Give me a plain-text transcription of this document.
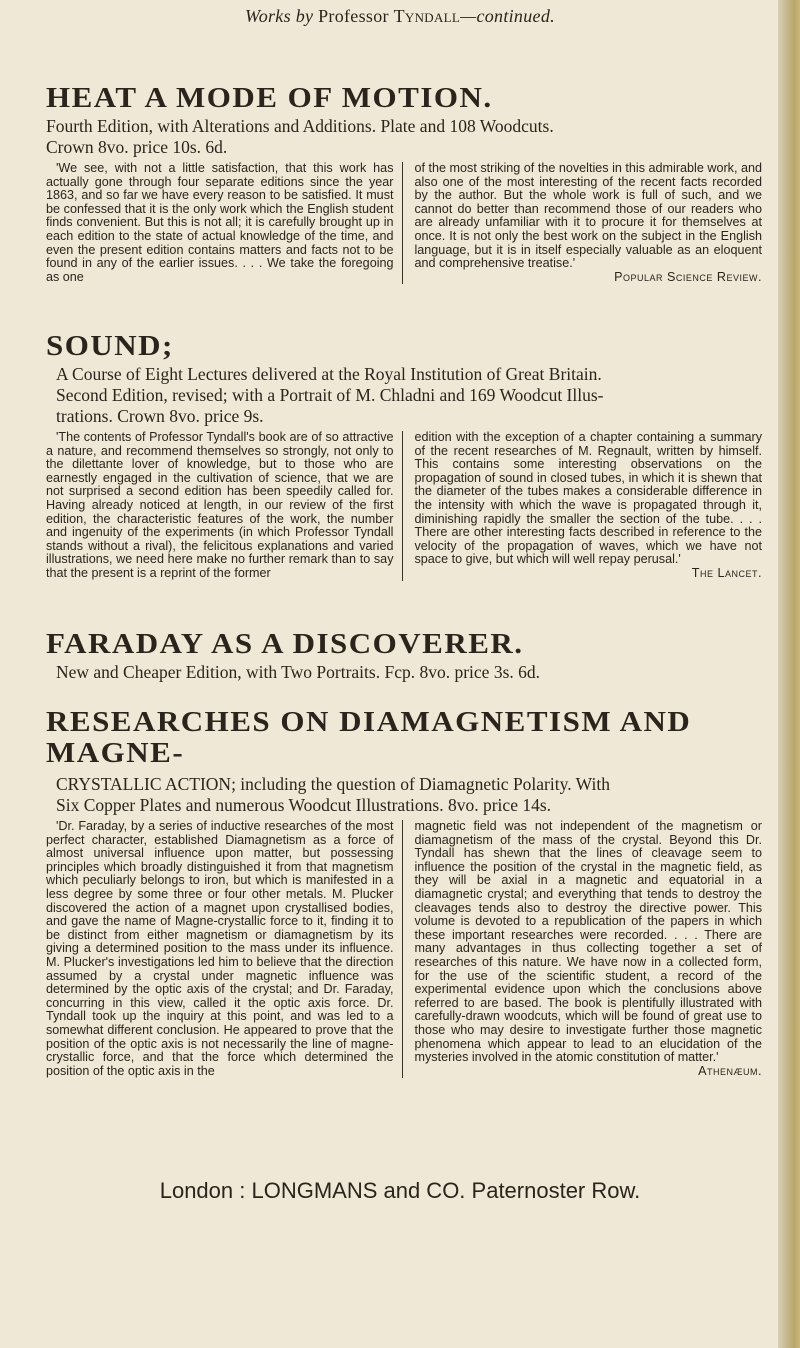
Works by Professor Tyndall—continued.
HEAT A MODE OF MOTION.

Fourth Edition, with Alterations and Additions. Plate and 108 Woodcuts.

Crown 8vo. price 10s. 6d.

'We see, with not a little satisfaction, that this work has actually gone through four separate editions since the year 1863, and so far we have every reason to be satisfied. It must be confessed that it is the only work which the English student finds convenient. But this is not all; it is carefully brought up in each edition to the state of actual knowledge of the time, and even the present edition contains matters and facts not to be found in any of the earlier issues. . . . We take the foregoing as one

of the most striking of the novelties in this admirable work, and also one of the most interesting of the recent facts recorded by the author. But the whole work is full of such, and we cannot do better than recommend those of our readers who are already unfamiliar with it to procure it for themselves at once. It is not only the best work on the subject in the English language, but it is in itself especially valuable as an eloquent and comprehensive treatise.'

Popular Science Review.

SOUND;

A Course of Eight Lectures delivered at the Royal Institution of Great Britain.

Second Edition, revised; with a Portrait of M. Chladni and 169 Woodcut Illus-

trations. Crown 8vo. price 9s.

'The contents of Professor Tyndall's book are of so attractive a nature, and recommend themselves so strongly, not only to the dilettante lover of knowledge, but to those who are earnestly engaged in the cultivation of science, that we are not surprised a second edition has been speedily called for. Having already noticed at length, in our review of the first edition, the characteristic features of the work, the number and ingenuity of the experiments (in which Professor Tyndall stands without a rival), the felicitous explanations and varied illustrations, we need here make no further remark than to say that the present is a reprint of the former

edition with the exception of a chapter containing a summary of the recent researches of M. Regnault, written by himself. This contains some interesting observations on the propagation of sound in closed tubes, in which it is shewn that the diameter of the tubes makes a considerable difference in the intensity with which the wave is propagated through it, diminishing rapidly the smaller the section of the tube. . . . There are other interesting facts described in reference to the velocity of the propagation of waves, which we have not space to give, but which will well repay perusal.'

The Lancet.

FARADAY AS A DISCOVERER.

New and Cheaper Edition, with Two Portraits. Fcp. 8vo. price 3s. 6d.

RESEARCHES ON DIAMAGNETISM AND MAGNE-

CRYSTALLIC ACTION; including the question of Diamagnetic Polarity. With

Six Copper Plates and numerous Woodcut Illustrations. 8vo. price 14s.

'Dr. Faraday, by a series of inductive researches of the most perfect character, established Diamagnetism as a force of almost universal influence upon matter, but possessing principles which broadly distinguished it from that magnetism which peculiarly belongs to iron, but which is manifested in a less degree by some three or four other metals. M. Plucker discovered the action of a magnet upon crystallised bodies, and gave the name of Magne-crystallic force to it, finding it to be distinct from either magnetism or diamagnetism by its giving a determined position to the mass under its influence. M. Plucker's investigations led him to believe that the direction assumed by a crystal under magnetic influence was determined by the optic axis of the crystal; and Dr. Faraday, concurring in this view, called it the optic axis force. Dr. Tyndall took up the inquiry at this point, and was led to a somewhat different conclusion. He appeared to prove that the position of the optic axis is not necessarily the line of magne-crystallic force, and that the force which determined the position of the optic axis in the

magnetic field was not independent of the magnetism or diamagnetism of the mass of the crystal. Beyond this Dr. Tyndall has shewn that the lines of cleavage seem to influence the position of the crystal in the magnetic field, as they will be axial in a magnetic and equatorial in a diamagnetic crystal; and everything that tends to destroy the cleavages tends also to destroy the directive power. This volume is devoted to a republication of the papers in which these important researches were recorded. . . . There are many advantages in thus collecting together a set of researches of this nature. We have now in a collected form, for the use of the scientific student, a record of the experimental evidence upon which the conclusions above referred to are based. The book is plentifully illustrated with carefully-drawn woodcuts, which will be found of great use to those who may desire to investigate further those magnetic phenomena which appear to lead to an elucidation of the mysteries involved in the atomic constitution of matter.'

Athenæum.

London : LONGMANS and CO. Paternoster Row.
